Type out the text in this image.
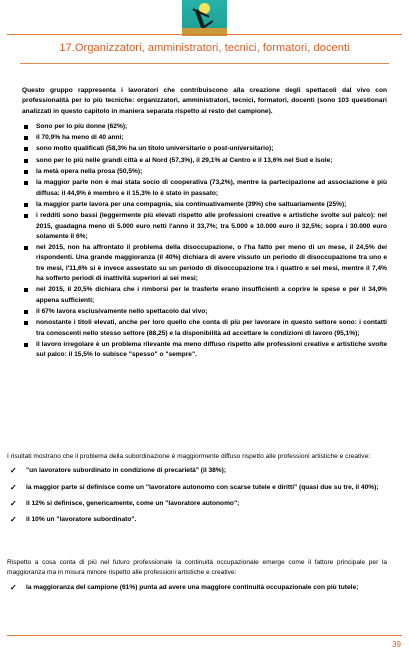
17.Organizzatori, amministratori, tecnici, formatori, docenti

Questo gruppo rappresenta i lavoratori che contribuiscono alla creazione degli spettacoli dal vivo con professionalità per lo più tecniche: organizzatori, amministratori, tecnici, formatori, docenti (sono 103 questionari analizzati in questo capitolo in maniera separata rispetto al resto del campione).

Sono per lo più donne (62%);
il 70,9% ha meno di 40 anni;
sono molto qualificati (58,3% ha un titolo universitario o post-universitario);
sono per lo più nelle grandi città e al Nord (57,3%), il 29,1% al Centro e il 13,6% nel Sud e Isole;
la metà opera nella prosa (50,5%);
la maggior parte non è mai stata socio di cooperativa (73,2%), mentre la partecipazione ad associazione è più diffusa: il 44,9% è membro e il 15,3% lo è stato in passato;
la maggior parte lavora per una compagnia, sia continuativamente (39%) che saltuariamente (25%);
i redditi sono bassi (leggermente più elevati rispetto alle professioni creative e artistiche svolte sul palco): nel 2015, guadagna meno di 5.000 euro netti l'anno il 33,7%; tra 5.000 e 10.000 euro il 32,5%; sopra i 30.000 euro solamente il 6%;
nel 2015, non ha affrontato il problema della disoccupazione, o l'ha fatto per meno di un mese, il 24,5% dei rispondenti. Una grande maggioranza (il 40%) dichiara di avere vissuto un periodo di disoccupazione tra uno e tre mesi, l'11,6% si è invece assestato su un periodo di disoccupazione tra i quattro e sei mesi, mentre il 7,4% ha sofferto periodi di inattività superiori ai sei mesi;
nel 2015, il 20,5% dichiara che i rimborsi per le trasferte erano insufficienti a coprire le spese e per il 34,9% appena sufficienti;
il 67% lavora esclusivamente nello spettacolo dal vivo;
nonostante i titoli elevati, anche per loro quello che conta di più per lavorare in questo settore sono: i contatti tra conoscenti nello stesso settore (88,25) e la disponibilità ad accettare le condizioni di lavoro (95,1%);
il lavoro irregolare è un problema rilevante ma meno diffuso rispetto alle professioni creative e artistiche svolte sul palco: il 15,5% lo subisce "spesso" o "sempre".
I risultati mostrano che il problema della subordinazione è maggiormente diffuso rispetto alle professioni artistiche e creative:
✓ "un lavoratore subordinato in condizione di precarietà" (il 38%);
✓ la maggior parte si definisce come un "lavoratore autonomo con scarse tutele e diritti" (quasi due su tre, il 40%);
✓ il 12% si definisce, genericamente, come un "lavoratore autonomo";
✓ il 10% un "lavoratore subordinato".
Rispetto a cosa conta di più nel futuro professionale la continuità occupazionale emerge come il fattore principale per la maggioranza ma in misura minore rispetto alle professioni artistiche e creative:
✓ la maggioranza del campione (61%) punta ad avere una maggiore continuità occupazionale con più tutele;
39
